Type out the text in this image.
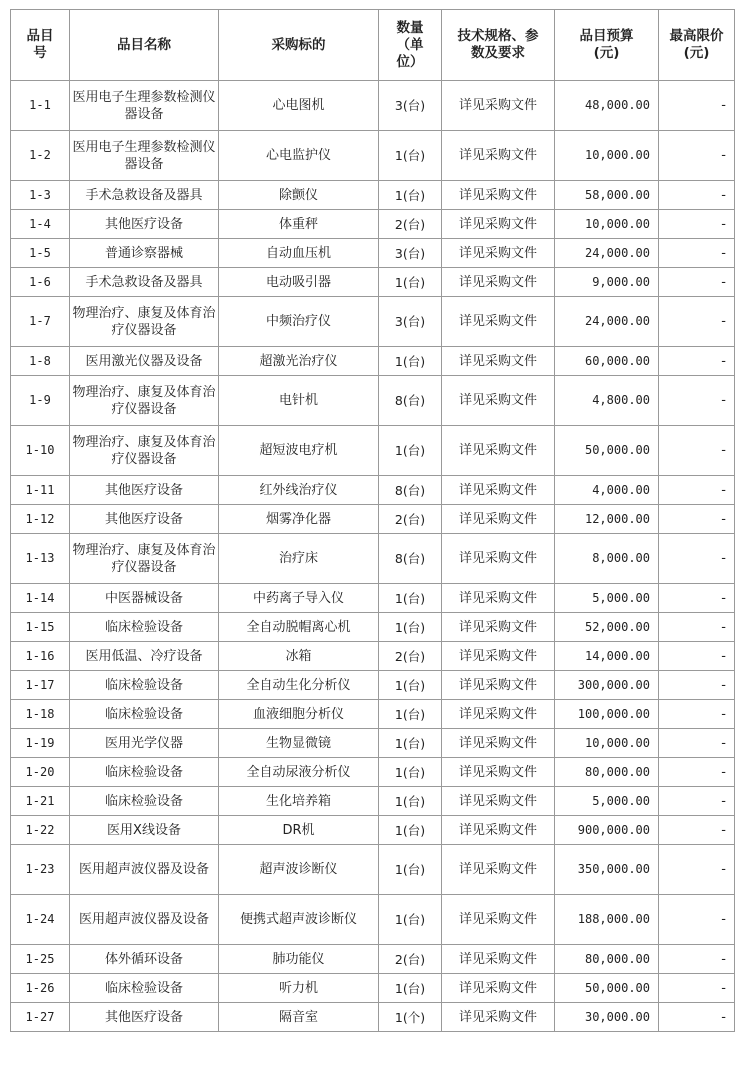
品目号	品目名称	采购标的	数量（单位）	技术规格、参数及要求	品目预算(元)	最高限价(元)
1-1	医用电子生理参数检测仪器设备	心电图机	3(台)	详见采购文件	48,000.00	-
1-2	医用电子生理参数检测仪器设备	心电监护仪	1(台)	详见采购文件	10,000.00	-
1-3	手术急救设备及器具	除颤仪	1(台)	详见采购文件	58,000.00	-
1-4	其他医疗设备	体重秤	2(台)	详见采购文件	10,000.00	-
1-5	普通诊察器械	自动血压机	3(台)	详见采购文件	24,000.00	-
1-6	手术急救设备及器具	电动吸引器	1(台)	详见采购文件	9,000.00	-
1-7	物理治疗、康复及体育治疗仪器设备	中频治疗仪	3(台)	详见采购文件	24,000.00	-
1-8	医用激光仪器及设备	超激光治疗仪	1(台)	详见采购文件	60,000.00	-
1-9	物理治疗、康复及体育治疗仪器设备	电针机	8(台)	详见采购文件	4,800.00	-
1-10	物理治疗、康复及体育治疗仪器设备	超短波电疗机	1(台)	详见采购文件	50,000.00	-
1-11	其他医疗设备	红外线治疗仪	8(台)	详见采购文件	4,000.00	-
1-12	其他医疗设备	烟雾净化器	2(台)	详见采购文件	12,000.00	-
1-13	物理治疗、康复及体育治疗仪器设备	治疗床	8(台)	详见采购文件	8,000.00	-
1-14	中医器械设备	中药离子导入仪	1(台)	详见采购文件	5,000.00	-
1-15	临床检验设备	全自动脱帽离心机	1(台)	详见采购文件	52,000.00	-
1-16	医用低温、冷疗设备	冰箱	2(台)	详见采购文件	14,000.00	-
1-17	临床检验设备	全自动生化分析仪	1(台)	详见采购文件	300,000.00	-
1-18	临床检验设备	血液细胞分析仪	1(台)	详见采购文件	100,000.00	-
1-19	医用光学仪器	生物显微镜	1(台)	详见采购文件	10,000.00	-
1-20	临床检验设备	全自动尿液分析仪	1(台)	详见采购文件	80,000.00	-
1-21	临床检验设备	生化培养箱	1(台)	详见采购文件	5,000.00	-
1-22	医用X线设备	DR机	1(台)	详见采购文件	900,000.00	-
1-23	医用超声波仪器及设备	超声波诊断仪	1(台)	详见采购文件	350,000.00	-
1-24	医用超声波仪器及设备	便携式超声波诊断仪	1(台)	详见采购文件	188,000.00	-
1-25	体外循环设备	肺功能仪	2(台)	详见采购文件	80,000.00	-
1-26	临床检验设备	听力机	1(台)	详见采购文件	50,000.00	-
1-27	其他医疗设备	隔音室	1(个)	详见采购文件	30,000.00	-
